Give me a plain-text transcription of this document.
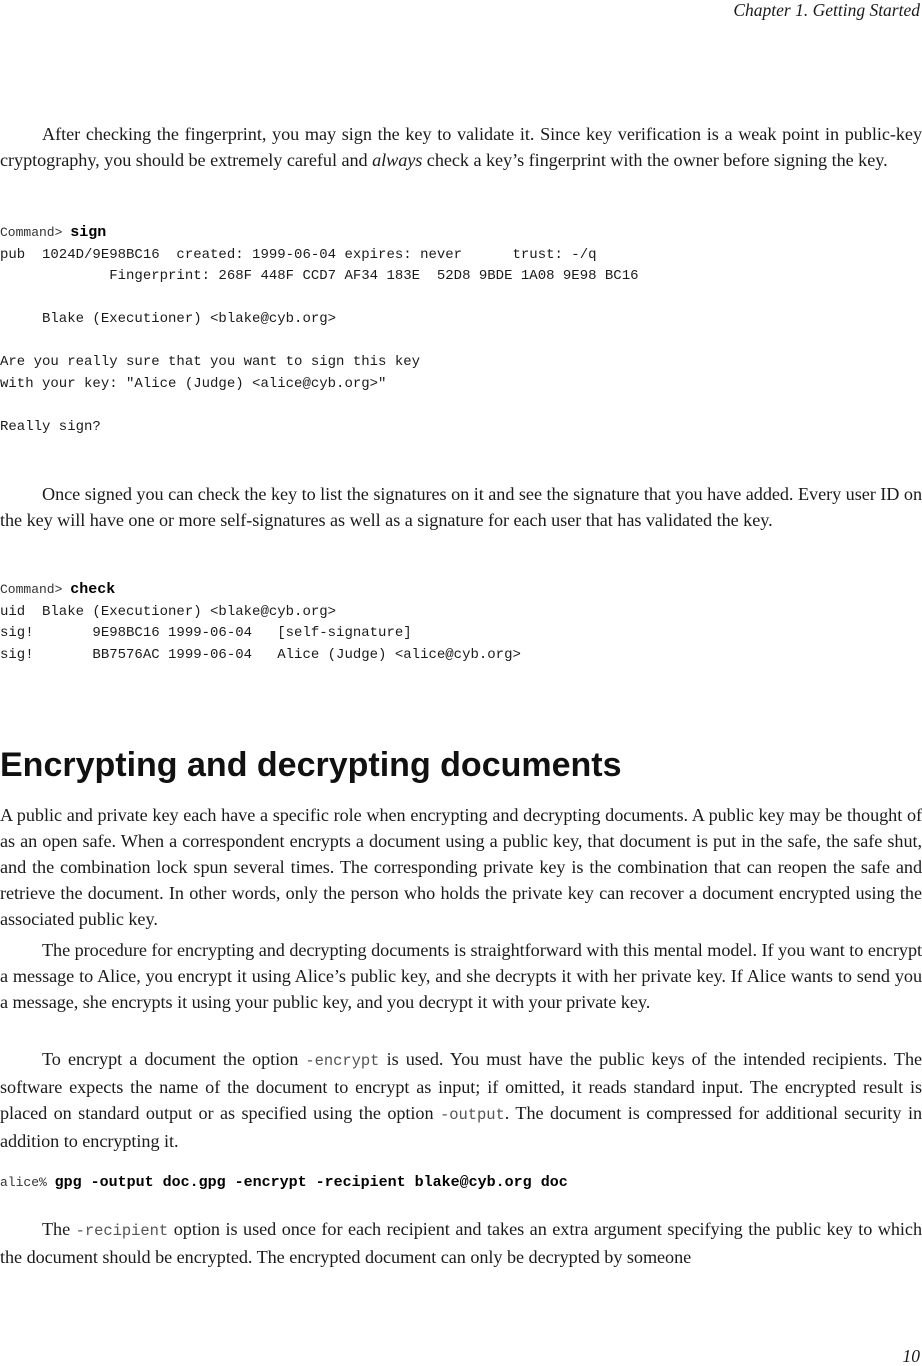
Chapter 1. Getting Started

After checking the fingerprint, you may sign the key to validate it. Since key verification is a weak point in public-key cryptography, you should be extremely careful and always check a key’s fingerprint with the owner before signing the key.

Command> sign
pub  1024D/9E98BC16  created: 1999-06-04 expires: never      trust: -/q
Fingerprint: 268F 448F CCD7 AF34 183E  52D8 9BDE 1A08 9E98 BC16

Blake (Executioner) <blake@cyb.org>

Are you really sure that you want to sign this key
with your key: "Alice (Judge) <alice@cyb.org>"

Really sign?

Once signed you can check the key to list the signatures on it and see the signature that you have added. Every user ID on the key will have one or more self-signatures as well as a signature for each user that has validated the key.

Command> check
uid  Blake (Executioner) <blake@cyb.org>
sig!       9E98BC16 1999-06-04   [self-signature]
sig!       BB7576AC 1999-06-04   Alice (Judge) <alice@cyb.org>
Encrypting and decrypting documents

A public and private key each have a specific role when encrypting and decrypting documents. A public key may be thought of as an open safe. When a correspondent encrypts a document using a public key, that document is put in the safe, the safe shut, and the combination lock spun several times. The corresponding private key is the combination that can reopen the safe and retrieve the document. In other words, only the person who holds the private key can recover a document encrypted using the associated public key.

The procedure for encrypting and decrypting documents is straightforward with this mental model. If you want to encrypt a message to Alice, you encrypt it using Alice’s public key, and she decrypts it with her private key. If Alice wants to send you a message, she encrypts it using your public key, and you decrypt it with your private key.

To encrypt a document the option -encrypt is used. You must have the public keys of the intended recipients. The software expects the name of the document to encrypt as input; if omitted, it reads standard input. The encrypted result is placed on standard output or as specified using the option -output. The document is compressed for additional security in addition to encrypting it.

alice% gpg -output doc.gpg -encrypt -recipient blake@cyb.org doc

The -recipient option is used once for each recipient and takes an extra argument specifying the public key to which the document should be encrypted. The encrypted document can only be decrypted by someone

10
